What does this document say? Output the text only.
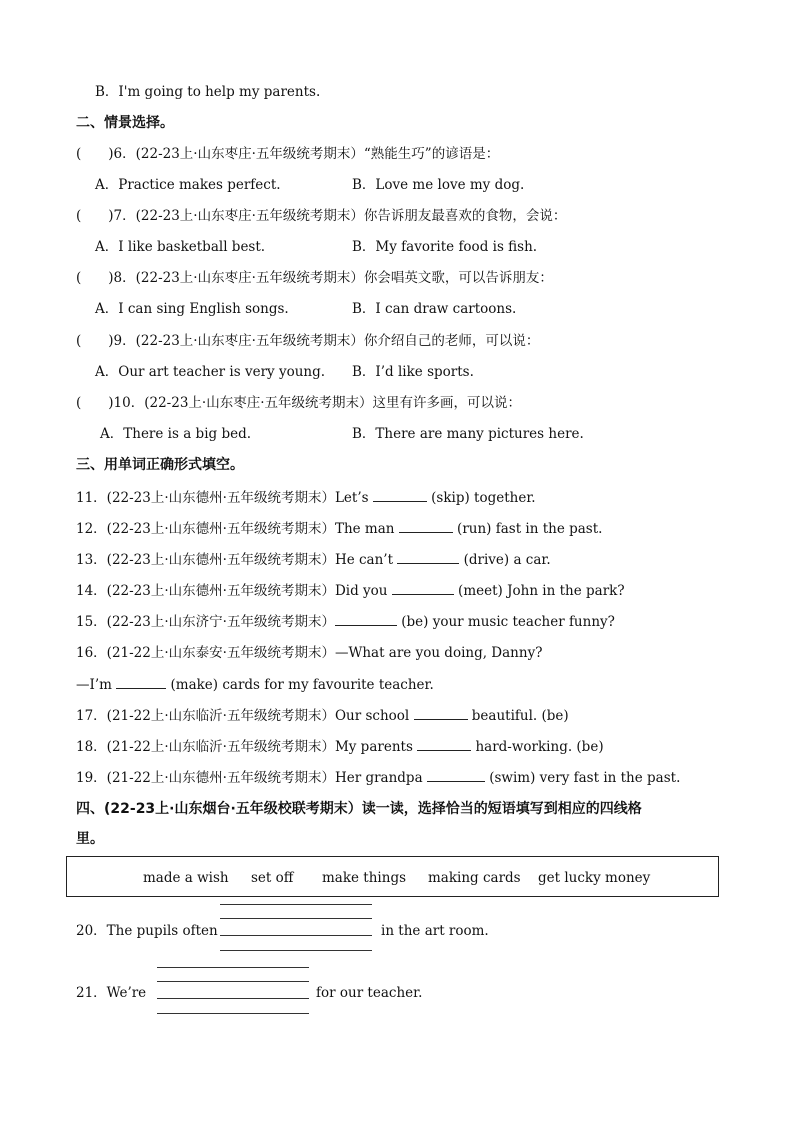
B．I'm going to help my parents.
二、情景选择。
(　　)6．(22-23上·山东枣庄·五年级统考期末）“熟能生巧”的谚语是：
A．Practice makes perfect.	B．Love me love my dog.
(　　)7．(22-23上·山东枣庄·五年级统考期末）你告诉朋友最喜欢的食物，会说：
A．I like basketball best.	B．My favorite food is fish.
(　　)8．(22-23上·山东枣庄·五年级统考期末）你会唱英文歌，可以告诉朋友：
A．I can sing English songs.	B．I can draw cartoons.
(　　)9．(22-23上·山东枣庄·五年级统考期末）你介绍自己的老师，可以说：
A．Our art teacher is very young. B．I’d like sports.
(　　)10．(22-23上·山东枣庄·五年级统考期末）这里有许多画，可以说：
A．There is a big bed.	B．There are many pictures here.
三、用单词正确形式填空。
11．(22-23上·山东德州·五年级统考期末）Let’s	(skip) together.
12．(22-23上·山东德州·五年级统考期末）The man	(run) fast in the past.
13．(22-23上·山东德州·五年级统考期末）He can’t	(drive) a car.
14．(22-23上·山东德州·五年级统考期末）Did you	(meet) John in the park?
15．(22-23上·山东济宁·五年级统考期末）	(be) your music teacher funny?
16．(21-22上·山东泰安·五年级统考期末）—What are you doing, Danny?
—I’m	(make) cards for my favourite teacher.
17．(21-22上·山东临沂·五年级统考期末）Our school	beautiful. (be)
18．(21-22上·山东临沂·五年级统考期末）My parents	hard-working. (be)
19．(21-22上·山东德州·五年级统考期末）Her grandpa	(swim) very fast in the past.
四、(22-23上·山东烟台·五年级校联考期末）读一读，选择恰当的短语填写到相应的四线格
里。
made a wish set off make things making cards get lucky money
20．The pupils often	in the art room.
21．We’re	for our teacher.
